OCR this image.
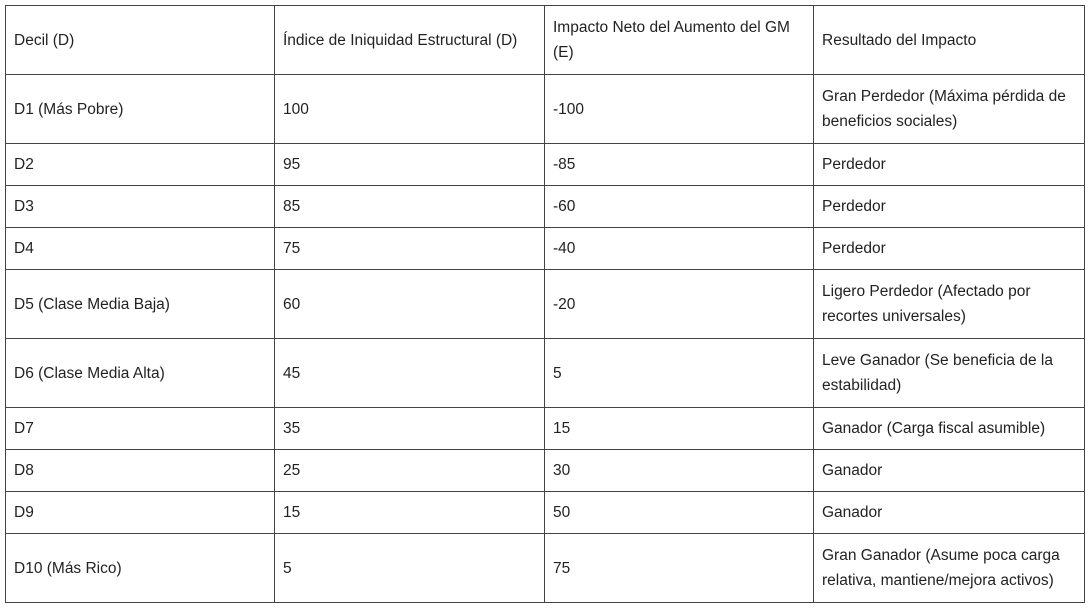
Decil (D)	Índice de Iniquidad Estructural (D)	Impacto Neto del Aumento del GM (E)	Resultado del Impacto
D1 (Más Pobre)	100	-100	Gran Perdedor (Máxima pérdida de beneficios sociales)
D2	95	-85	Perdedor
D3	85	-60	Perdedor
D4	75	-40	Perdedor
D5 (Clase Media Baja)	60	-20	Ligero Perdedor (Afectado por recortes universales)
D6 (Clase Media Alta)	45	5	Leve Ganador (Se beneficia de la estabilidad)
D7	35	15	Ganador (Carga fiscal asumible)
D8	25	30	Ganador
D9	15	50	Ganador
D10 (Más Rico)	5	75	Gran Ganador (Asume poca carga relativa, mantiene/mejora activos)
